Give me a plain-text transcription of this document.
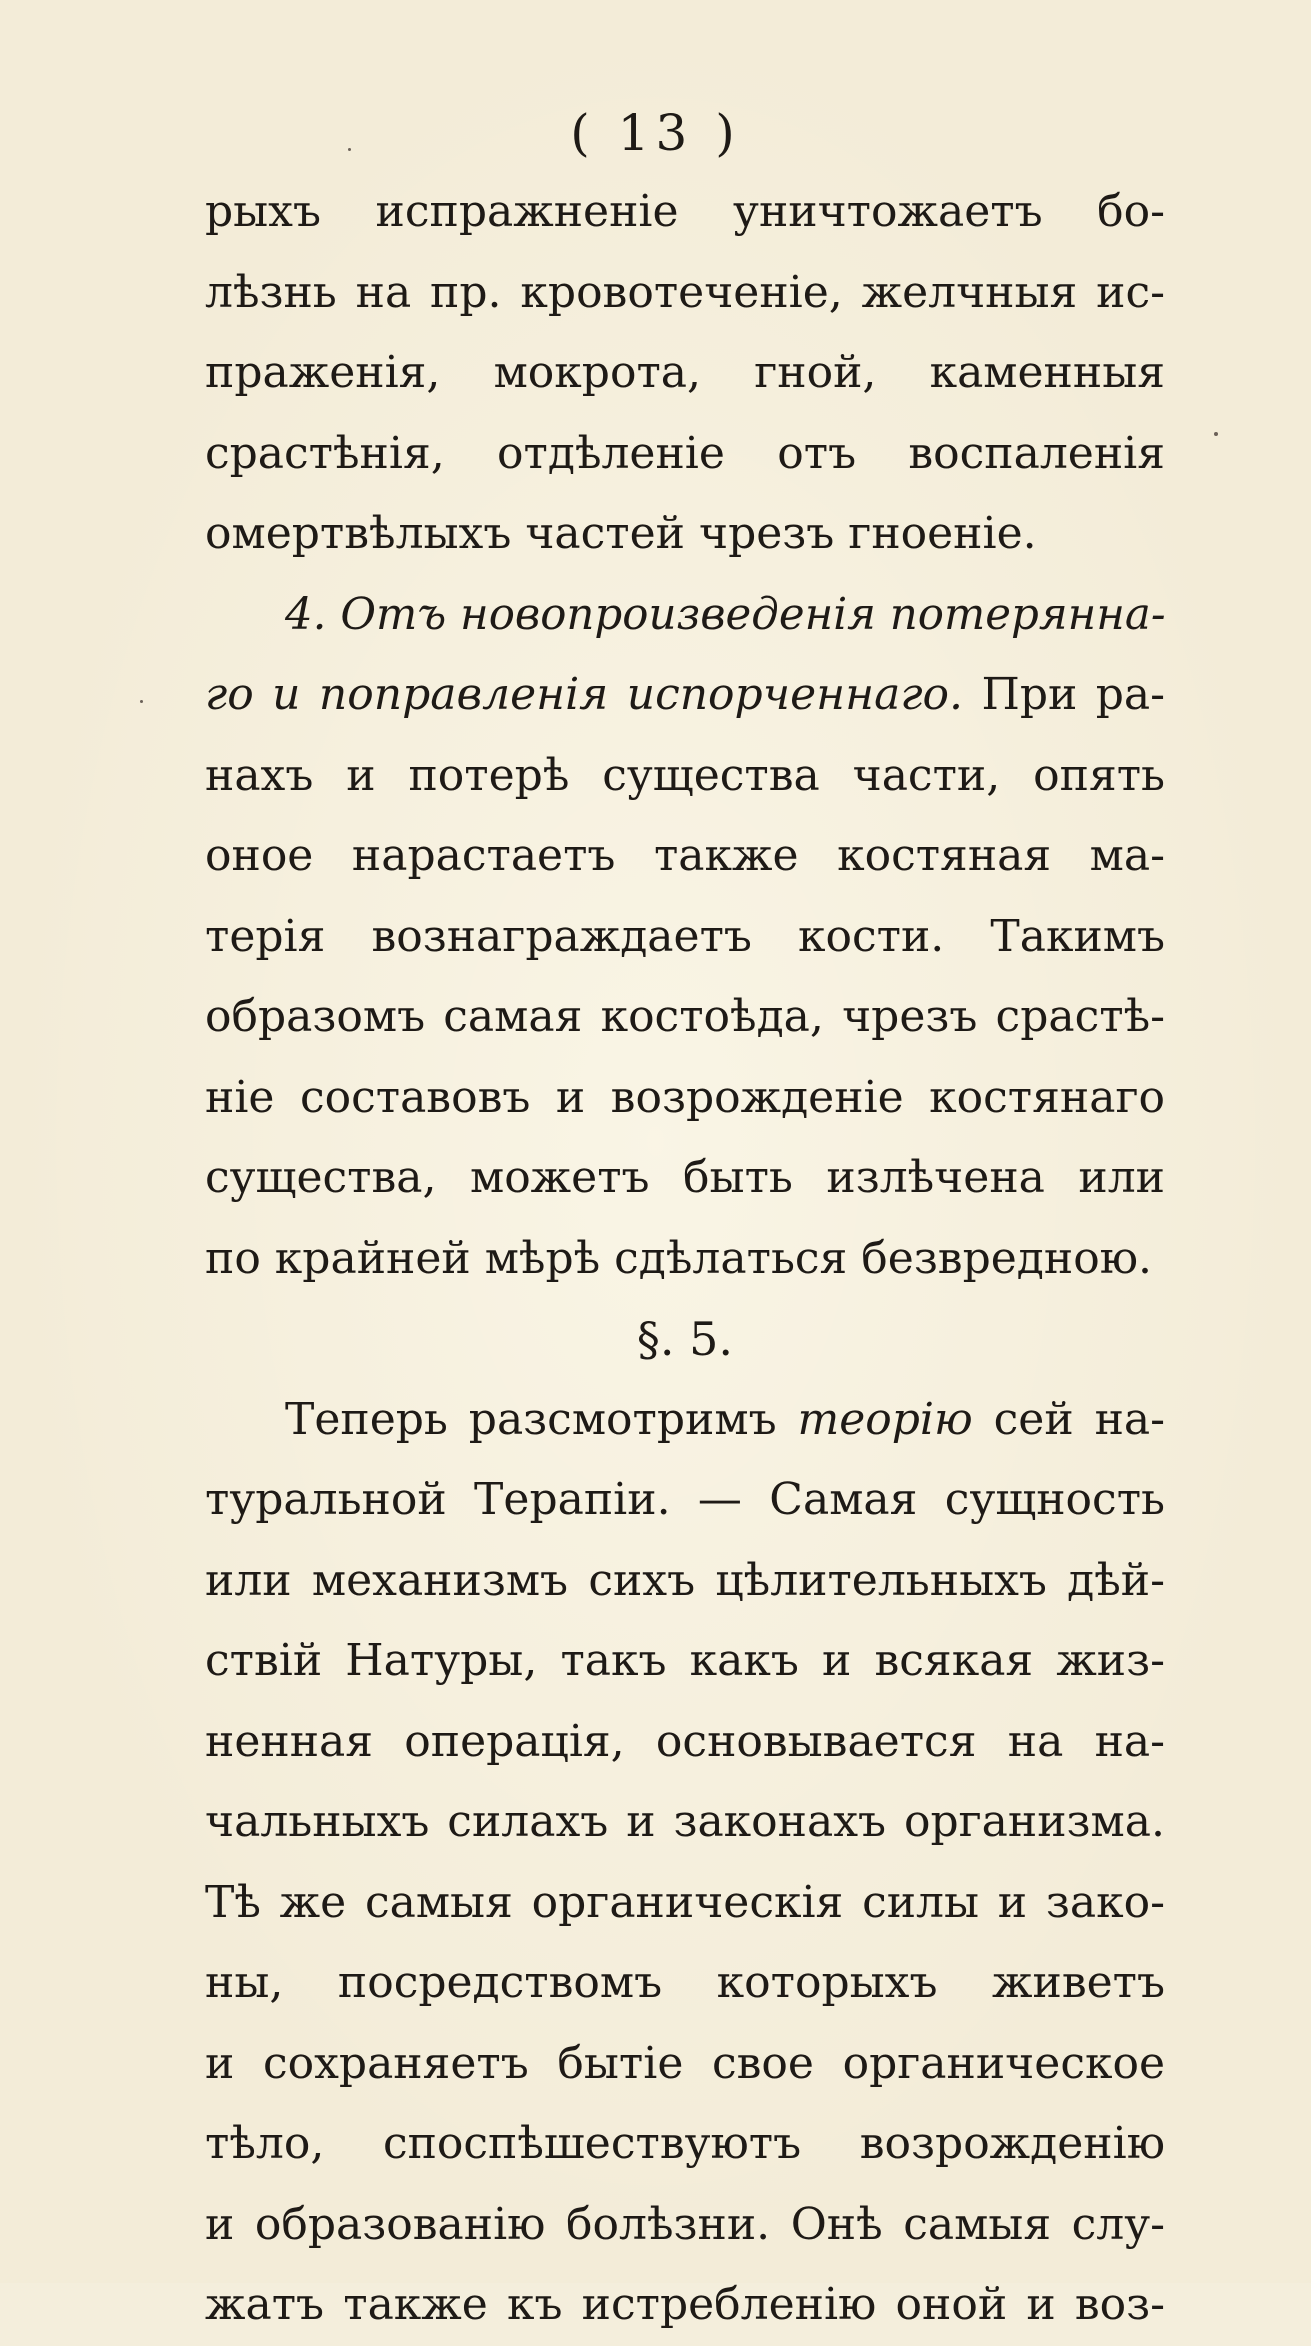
( 13 )
рыхъ испражненіе уничтожаетъ бо-
лѣзнь на пр. кровотеченіе, желчныя ис-
праженія, мокрота, гной, каменныя
срастѣнія, отдѣленіе отъ воспаленія
омертвѣлыхъ частей чрезъ гноеніе.
4. Отъ новопроизведенія потерянна-
го и поправленія испорченнаго. При ра-
нахъ и потерѣ существа части, опять
оное нарастаетъ также костяная ма-
терія вознаграждаетъ кости. Такимъ
образомъ самая костоѣда, чрезъ срастѣ-
ніе составовъ и возрожденіе костянаго
существа, можетъ быть излѣчена или
по крайней мѣрѣ сдѣлаться безвредною.
§. 5.
Теперь разсмотримъ теорію сей на-
туральной Терапіи. — Самая сущность
или механизмъ сихъ цѣлительныхъ дѣй-
ствій Натуры, такъ какъ и всякая жиз-
ненная операція, основывается на на-
чальныхъ силахъ и законахъ организма.
Тѣ же самыя органическія силы и зако-
ны, посредствомъ которыхъ живетъ
и сохраняетъ бытіе свое органическое
тѣло, споспѣшествуютъ возрожденію
и образованію болѣзни. Онѣ самыя слу-
жатъ также къ истребленію оной и воз-
